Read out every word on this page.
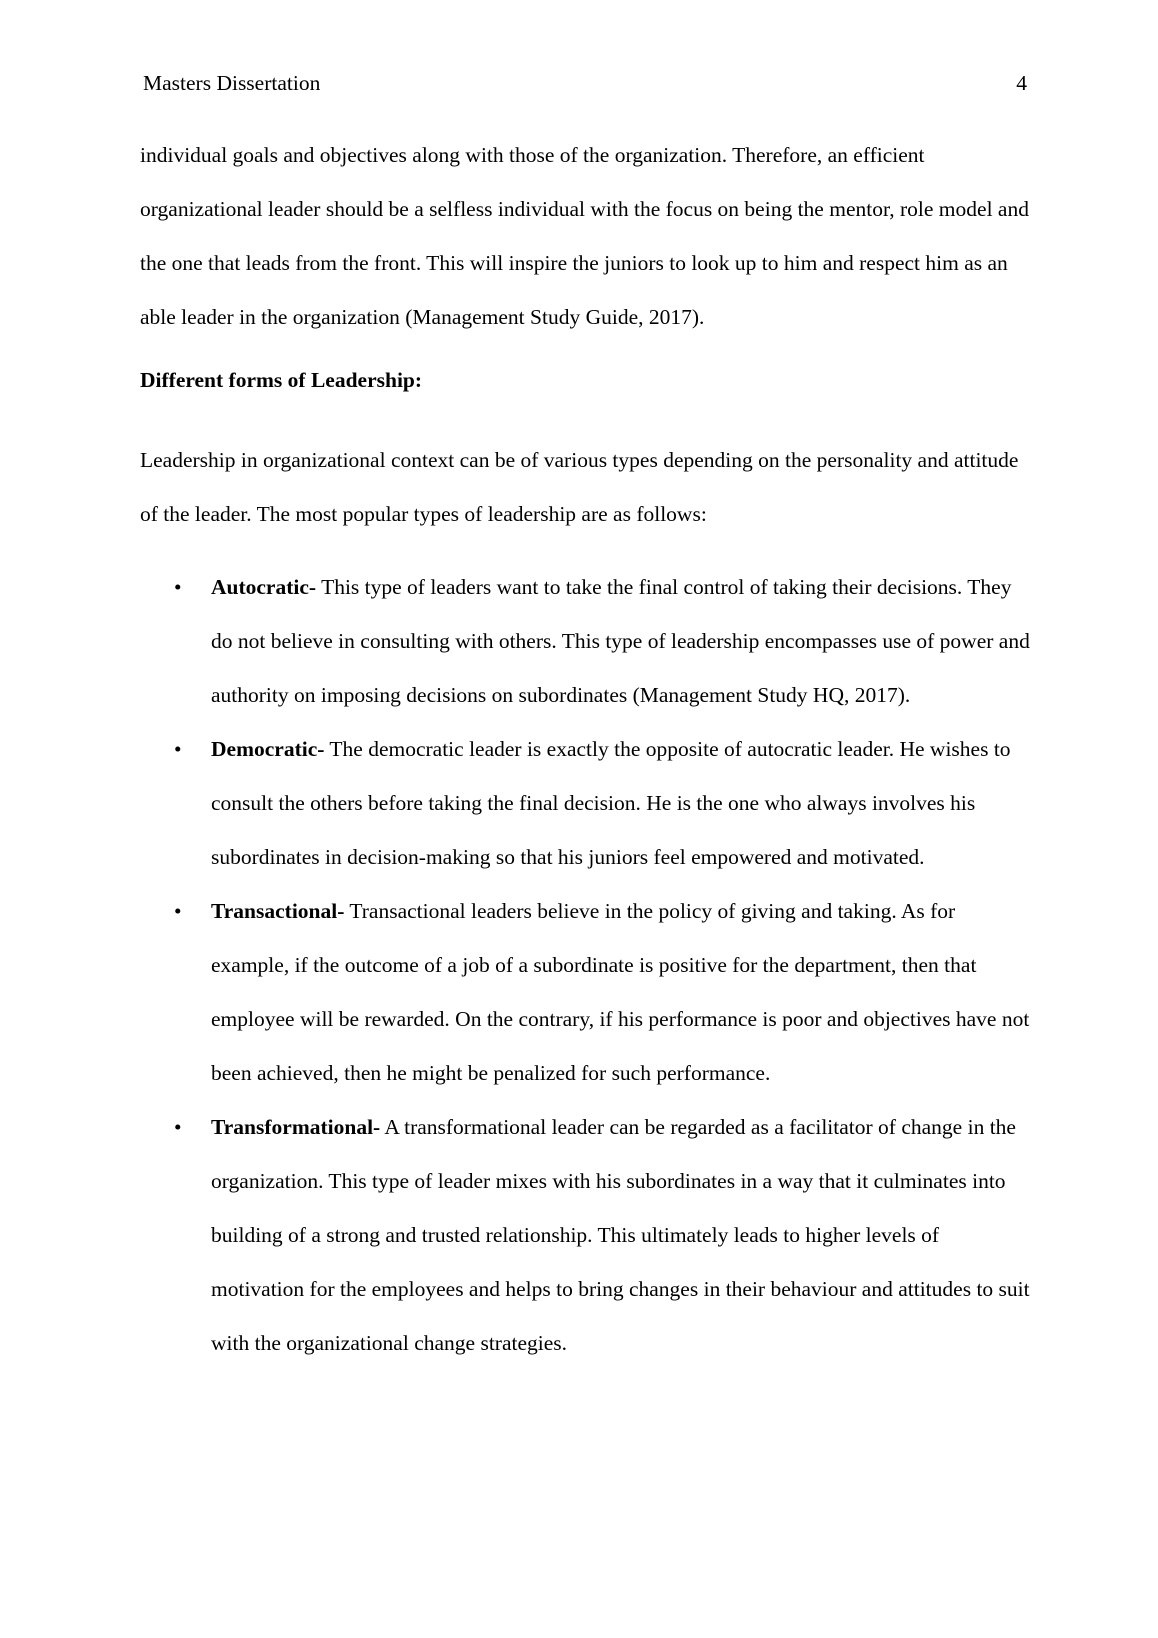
Masters Dissertation	4

individual goals and objectives along with those of the organization. Therefore, an efficient organizational leader should be a selfless individual with the focus on being the mentor, role model and the one that leads from the front. This will inspire the juniors to look up to him and respect him as an able leader in the organization (Management Study Guide, 2017).

Different forms of Leadership:

Leadership in organizational context can be of various types depending on the personality and attitude of the leader. The most popular types of leadership are as follows:

•	Autocratic- This type of leaders want to take the final control of taking their decisions. They do not believe in consulting with others. This type of leadership encompasses use of power and authority on imposing decisions on subordinates (Management Study HQ, 2017).
•	Democratic- The democratic leader is exactly the opposite of autocratic leader. He wishes to consult the others before taking the final decision. He is the one who always involves his subordinates in decision-making so that his juniors feel empowered and motivated.
•	Transactional- Transactional leaders believe in the policy of giving and taking. As for example, if the outcome of a job of a subordinate is positive for the department, then that employee will be rewarded. On the contrary, if his performance is poor and objectives have not been achieved, then he might be penalized for such performance.
•	Transformational- A transformational leader can be regarded as a facilitator of change in the organization. This type of leader mixes with his subordinates in a way that it culminates into building of a strong and trusted relationship. This ultimately leads to higher levels of motivation for the employees and helps to bring changes in their behaviour and attitudes to suit with the organizational change strategies.
